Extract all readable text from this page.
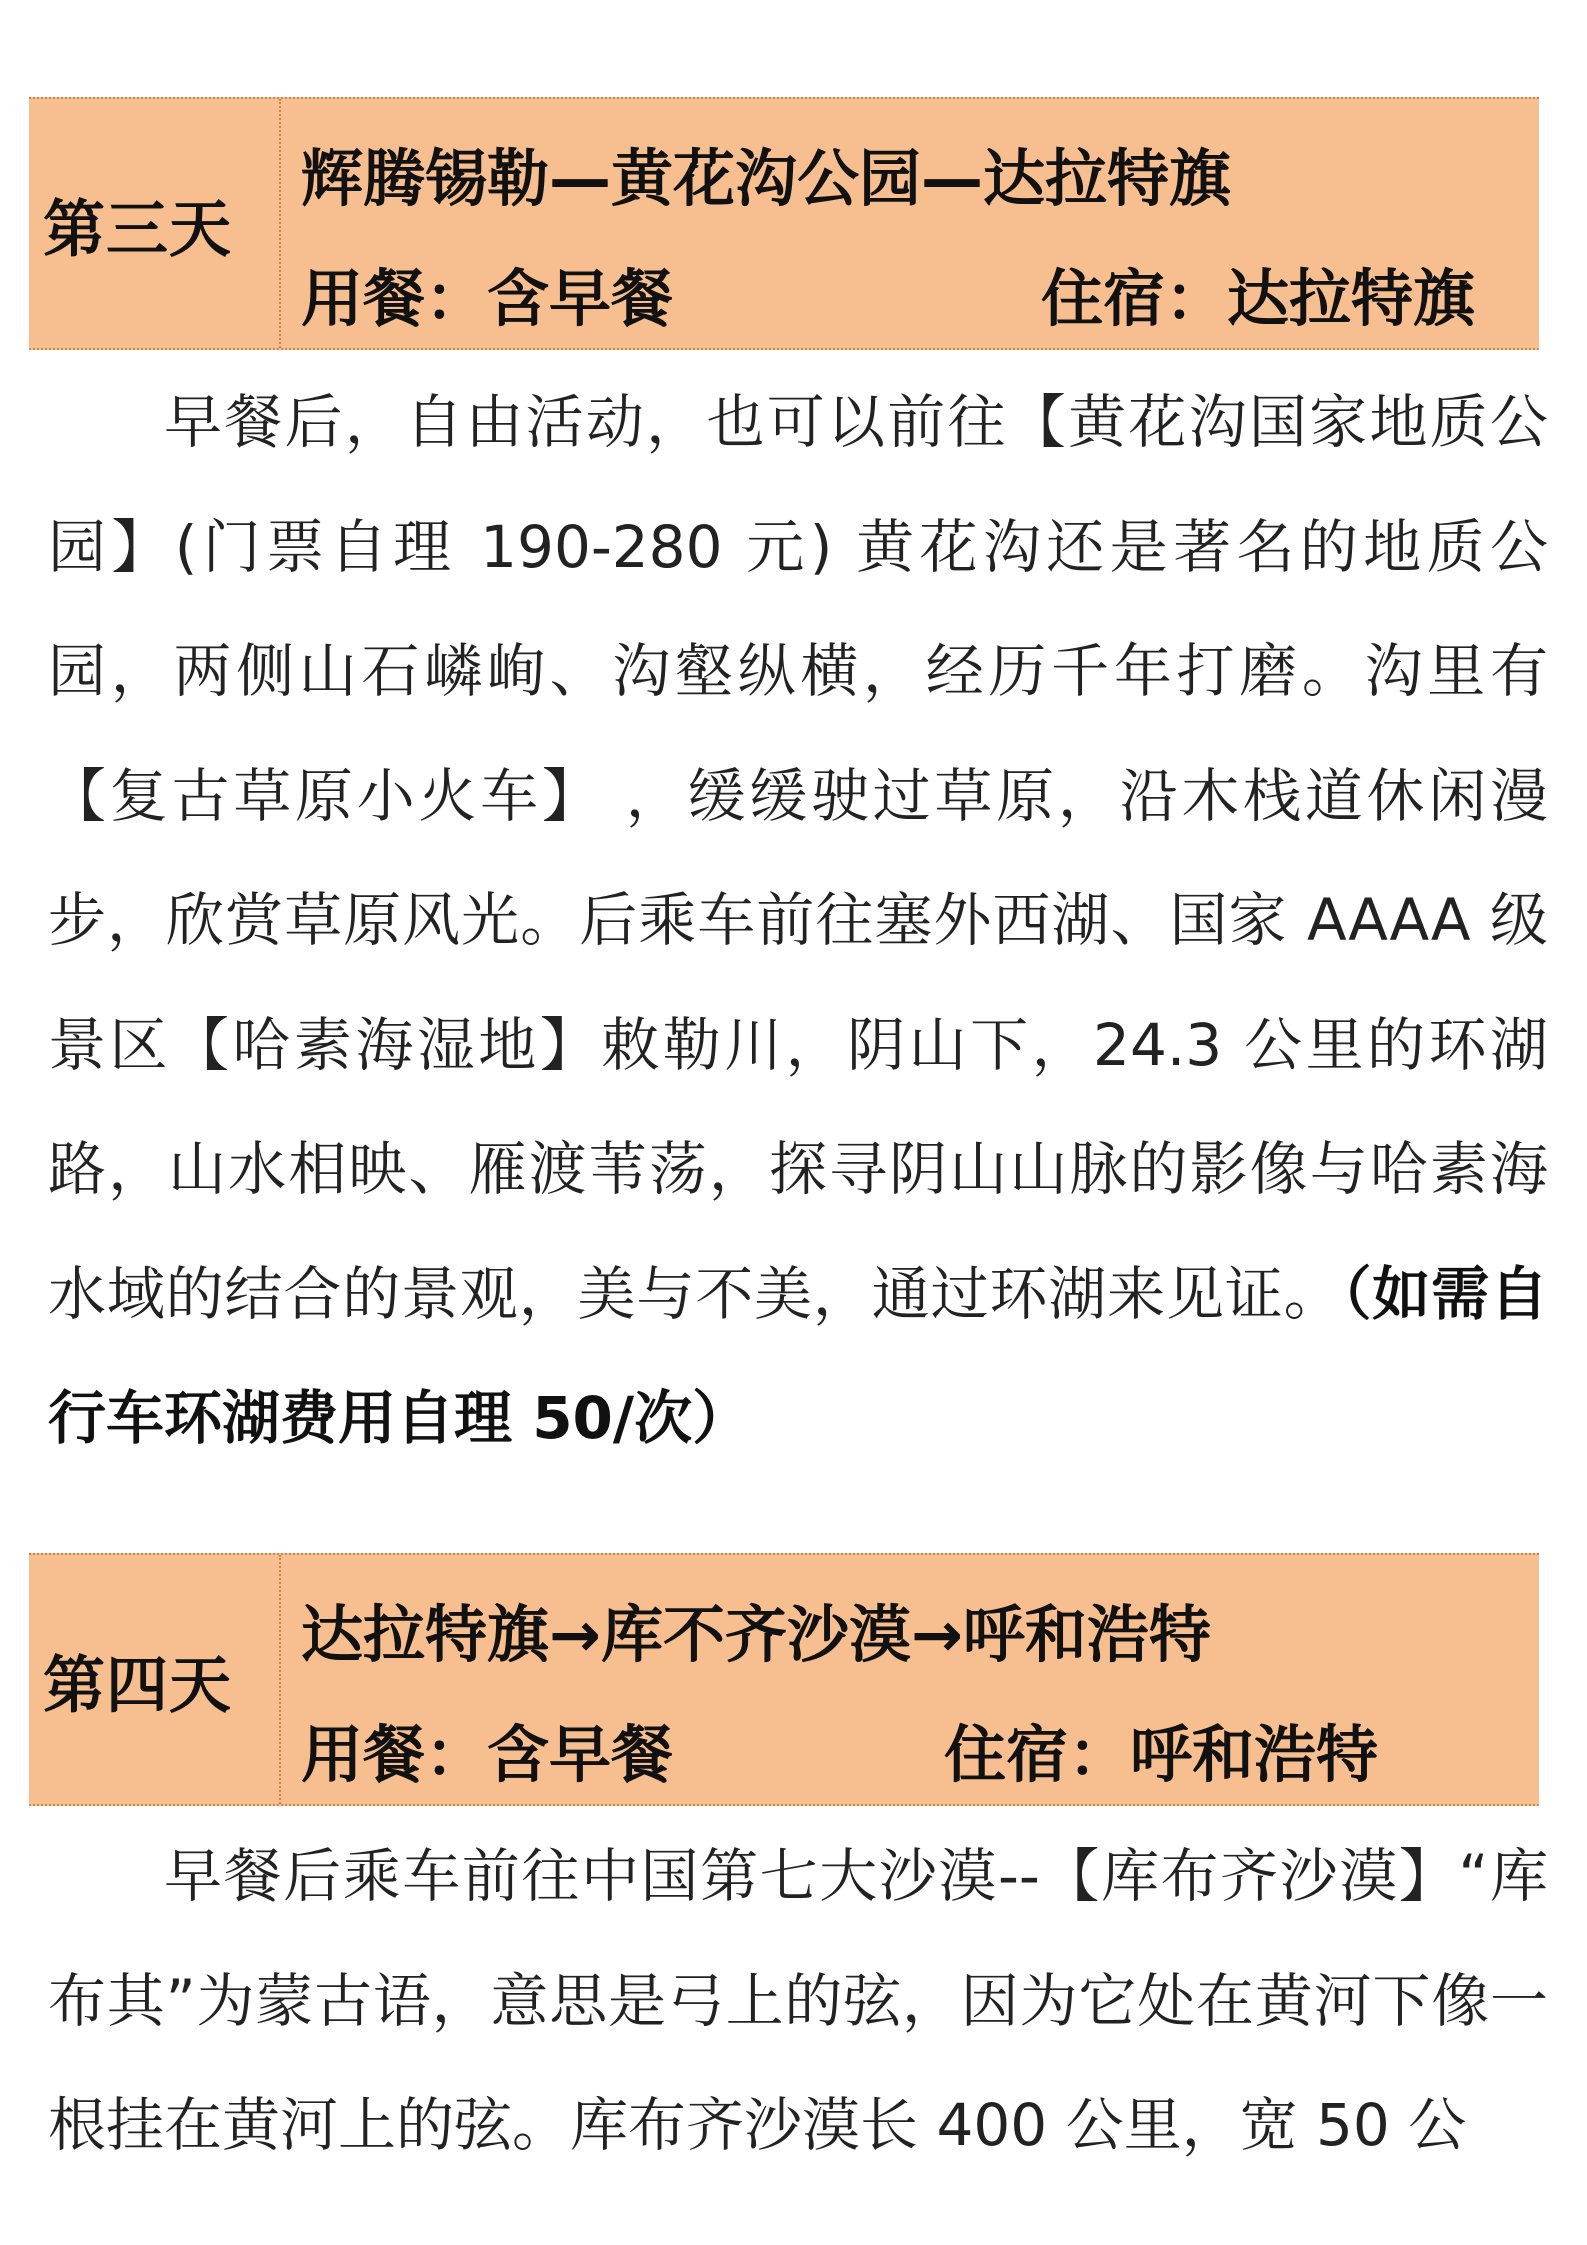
第三天
辉腾锡勒—黄花沟公园—达拉特旗
用餐：含早餐	住宿：达拉特旗

早餐后，自由活动，也可以前往【黄花沟国家地质公园】(门票自理 190-280 元) 黄花沟还是著名的地质公园，两侧山石嶙峋、沟壑纵横，经历千年打磨。沟里有【复古草原小火车】 ，缓缓驶过草原，沿木栈道休闲漫步，欣赏草原风光。后乘车前往塞外西湖、国家 AAAA 级景区【哈素海湿地】敕勒川，阴山下，24.3 公里的环湖路，山水相映、雁渡苇荡，探寻阴山山脉的影像与哈素海水域的结合的景观，美与不美，通过环湖来见证。（如需自行车环湖费用自理 50/次）

第四天
达拉特旗→库不齐沙漠→呼和浩特
用餐：含早餐	住宿：呼和浩特

早餐后乘车前往中国第七大沙漠--【库布齐沙漠】“库布其”为蒙古语，意思是弓上的弦，因为它处在黄河下像一根挂在黄河上的弦。库布齐沙漠长 400 公里，宽 50 公
